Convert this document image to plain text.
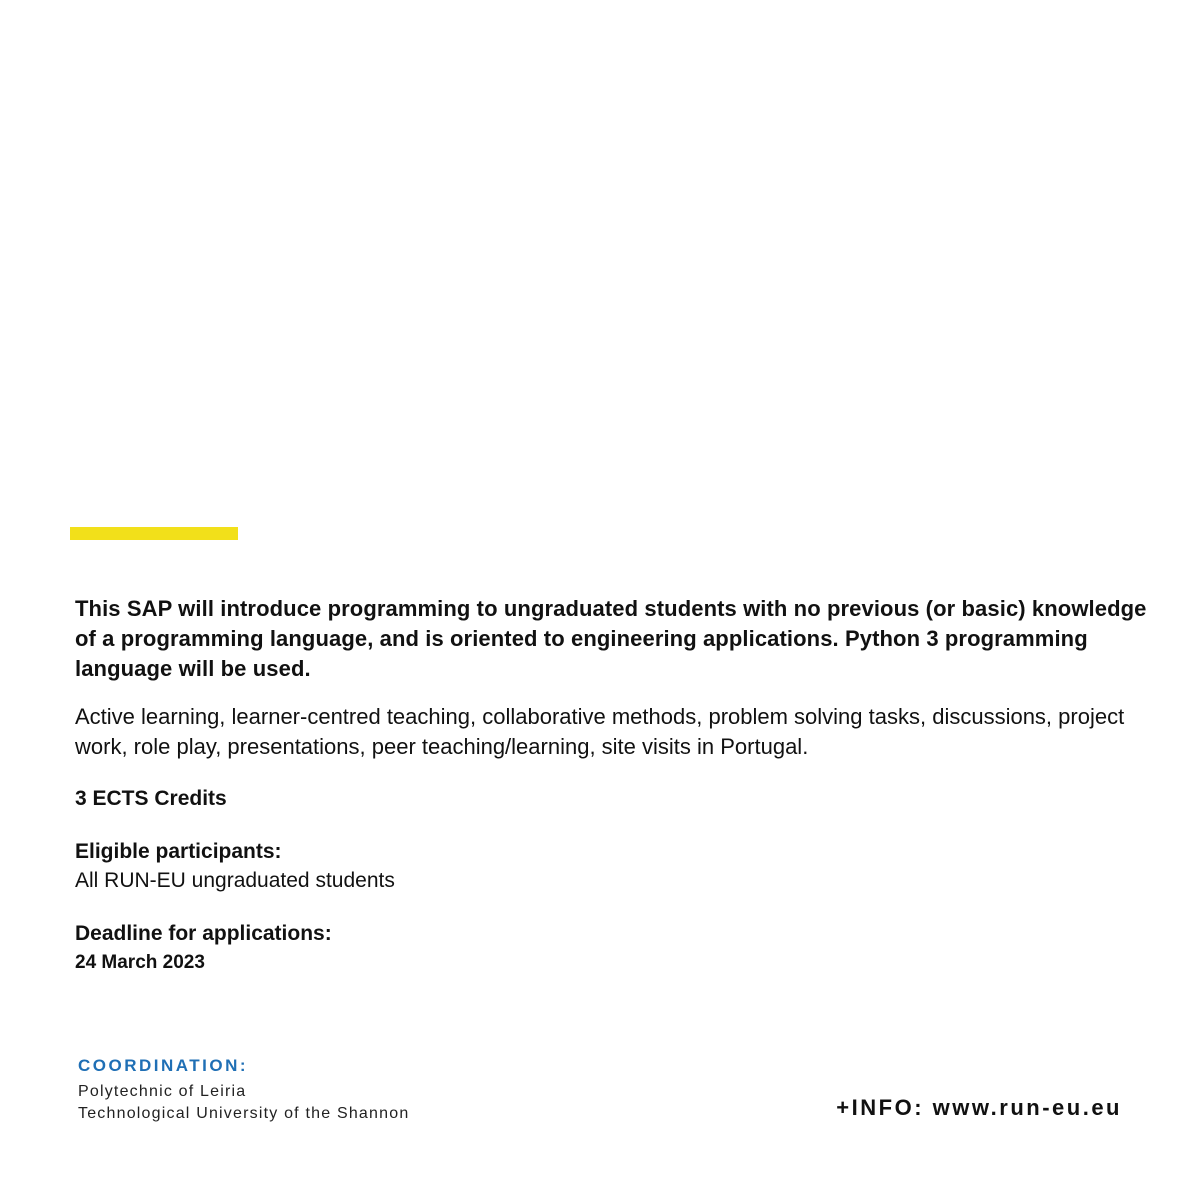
This SAP will introduce programming to ungraduated students with no previous (or basic) knowledge of a programming language, and is oriented to engineering applications. Python 3 programming language will be used.

Active learning, learner-centred teaching, collaborative methods, problem solving tasks, discussions, project work, role play, presentations, peer teaching/learning, site visits in Portugal.

3 ECTS Credits

Eligible participants:

All RUN-EU ungraduated students

Deadline for applications:

24 March 2023

COORDINATION:

Polytechnic of Leiria

Technological University of the Shannon	+INFO: www.run-eu.eu
